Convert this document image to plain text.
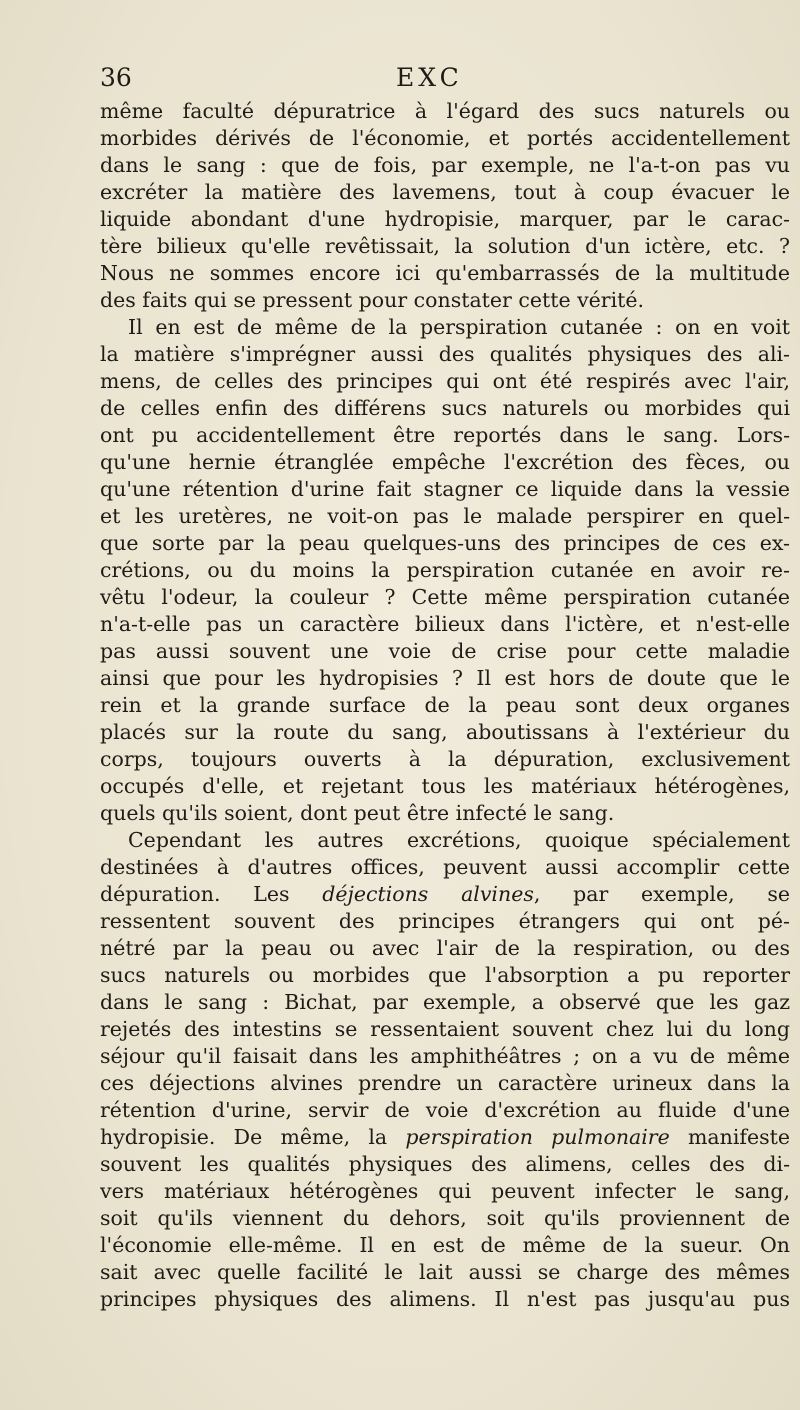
36	EXC
même faculté dépuratrice à l'égard des sucs naturels ou
morbides dérivés de l'économie, et portés accidentellement
dans le sang : que de fois, par exemple, ne l'a-t-on pas vu
excréter la matière des lavemens, tout à coup évacuer le
liquide abondant d'une hydropisie, marquer, par le carac-
tère bilieux qu'elle revêtissait, la solution d'un ictère, etc. ?
Nous ne sommes encore ici qu'embarrassés de la multitude
des faits qui se pressent pour constater cette vérité.
Il en est de même de la perspiration cutanée : on en voit
la matière s'imprégner aussi des qualités physiques des ali-
mens, de celles des principes qui ont été respirés avec l'air,
de celles enfin des différens sucs naturels ou morbides qui
ont pu accidentellement être reportés dans le sang. Lors-
qu'une hernie étranglée empêche l'excrétion des fèces, ou
qu'une rétention d'urine fait stagner ce liquide dans la vessie
et les uretères, ne voit-on pas le malade perspirer en quel-
que sorte par la peau quelques-uns des principes de ces ex-
crétions, ou du moins la perspiration cutanée en avoir re-
vêtu l'odeur, la couleur ? Cette même perspiration cutanée
n'a-t-elle pas un caractère bilieux dans l'ictère, et n'est-elle
pas aussi souvent une voie de crise pour cette maladie
ainsi que pour les hydropisies ? Il est hors de doute que le
rein et la grande surface de la peau sont deux organes
placés sur la route du sang, aboutissans à l'extérieur du
corps, toujours ouverts à la dépuration, exclusivement
occupés d'elle, et rejetant tous les matériaux hétérogènes,
quels qu'ils soient, dont peut être infecté le sang.
Cependant les autres excrétions, quoique spécialement
destinées à d'autres offices, peuvent aussi accomplir cette
dépuration. Les déjections alvines, par exemple, se
ressentent souvent des principes étrangers qui ont pé-
nétré par la peau ou avec l'air de la respiration, ou des
sucs naturels ou morbides que l'absorption a pu reporter
dans le sang : Bichat, par exemple, a observé que les gaz
rejetés des intestins se ressentaient souvent chez lui du long
séjour qu'il faisait dans les amphithéâtres ; on a vu de même
ces déjections alvines prendre un caractère urineux dans la
rétention d'urine, servir de voie d'excrétion au fluide d'une
hydropisie. De même, la perspiration pulmonaire manifeste
souvent les qualités physiques des alimens, celles des di-
vers matériaux hétérogènes qui peuvent infecter le sang,
soit qu'ils viennent du dehors, soit qu'ils proviennent de
l'économie elle-même. Il en est de même de la sueur. On
sait avec quelle facilité le lait aussi se charge des mêmes
principes physiques des alimens. Il n'est pas jusqu'au pus
